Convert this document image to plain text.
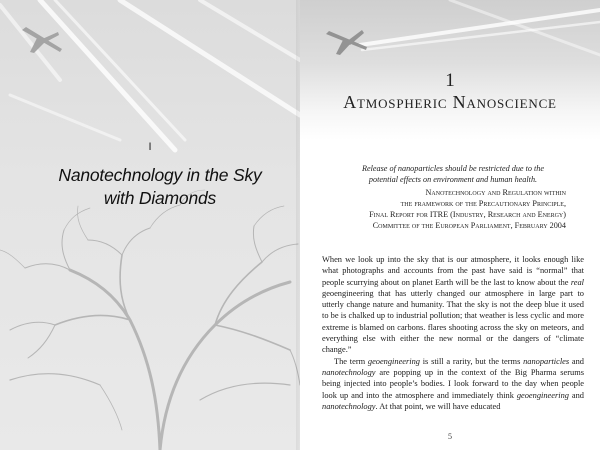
I
Nanotechnology in the Sky
with Diamonds
1
Atmospheric Nanoscience

Release of nanoparticles should be restricted due to the
potential effects on environment and human health.

Nanotechnology and Regulation within
the framework of the Precautionary Principle,
Final Report for ITRE (Industry, Research and Energy)
Committee of the European Parliament, February 2004

When we look up into the sky that is our atmosphere, it looks enough like what photographs and accounts from the past have said is “normal” that people scurrying about on planet Earth will be the last to know about the real geoengineering that has utterly changed our atmosphere in large part to utterly change nature and humanity. That the sky is not the deep blue it used to be is chalked up to industrial pollution; that weather is less cyclic and more extreme is blamed on carbons. flares shooting across the sky on meteors, and everything else with either the new normal or the dangers of “climate change.”

The term geoengineering is still a rarity, but the terms nanoparticles and nanotechnology are popping up in the context of the Big Pharma serums being injected into people’s bodies. I look forward to the day when people look up and into the atmosphere and immediately think geoengineering and nanotechnology. At that point, we will have educated

5
